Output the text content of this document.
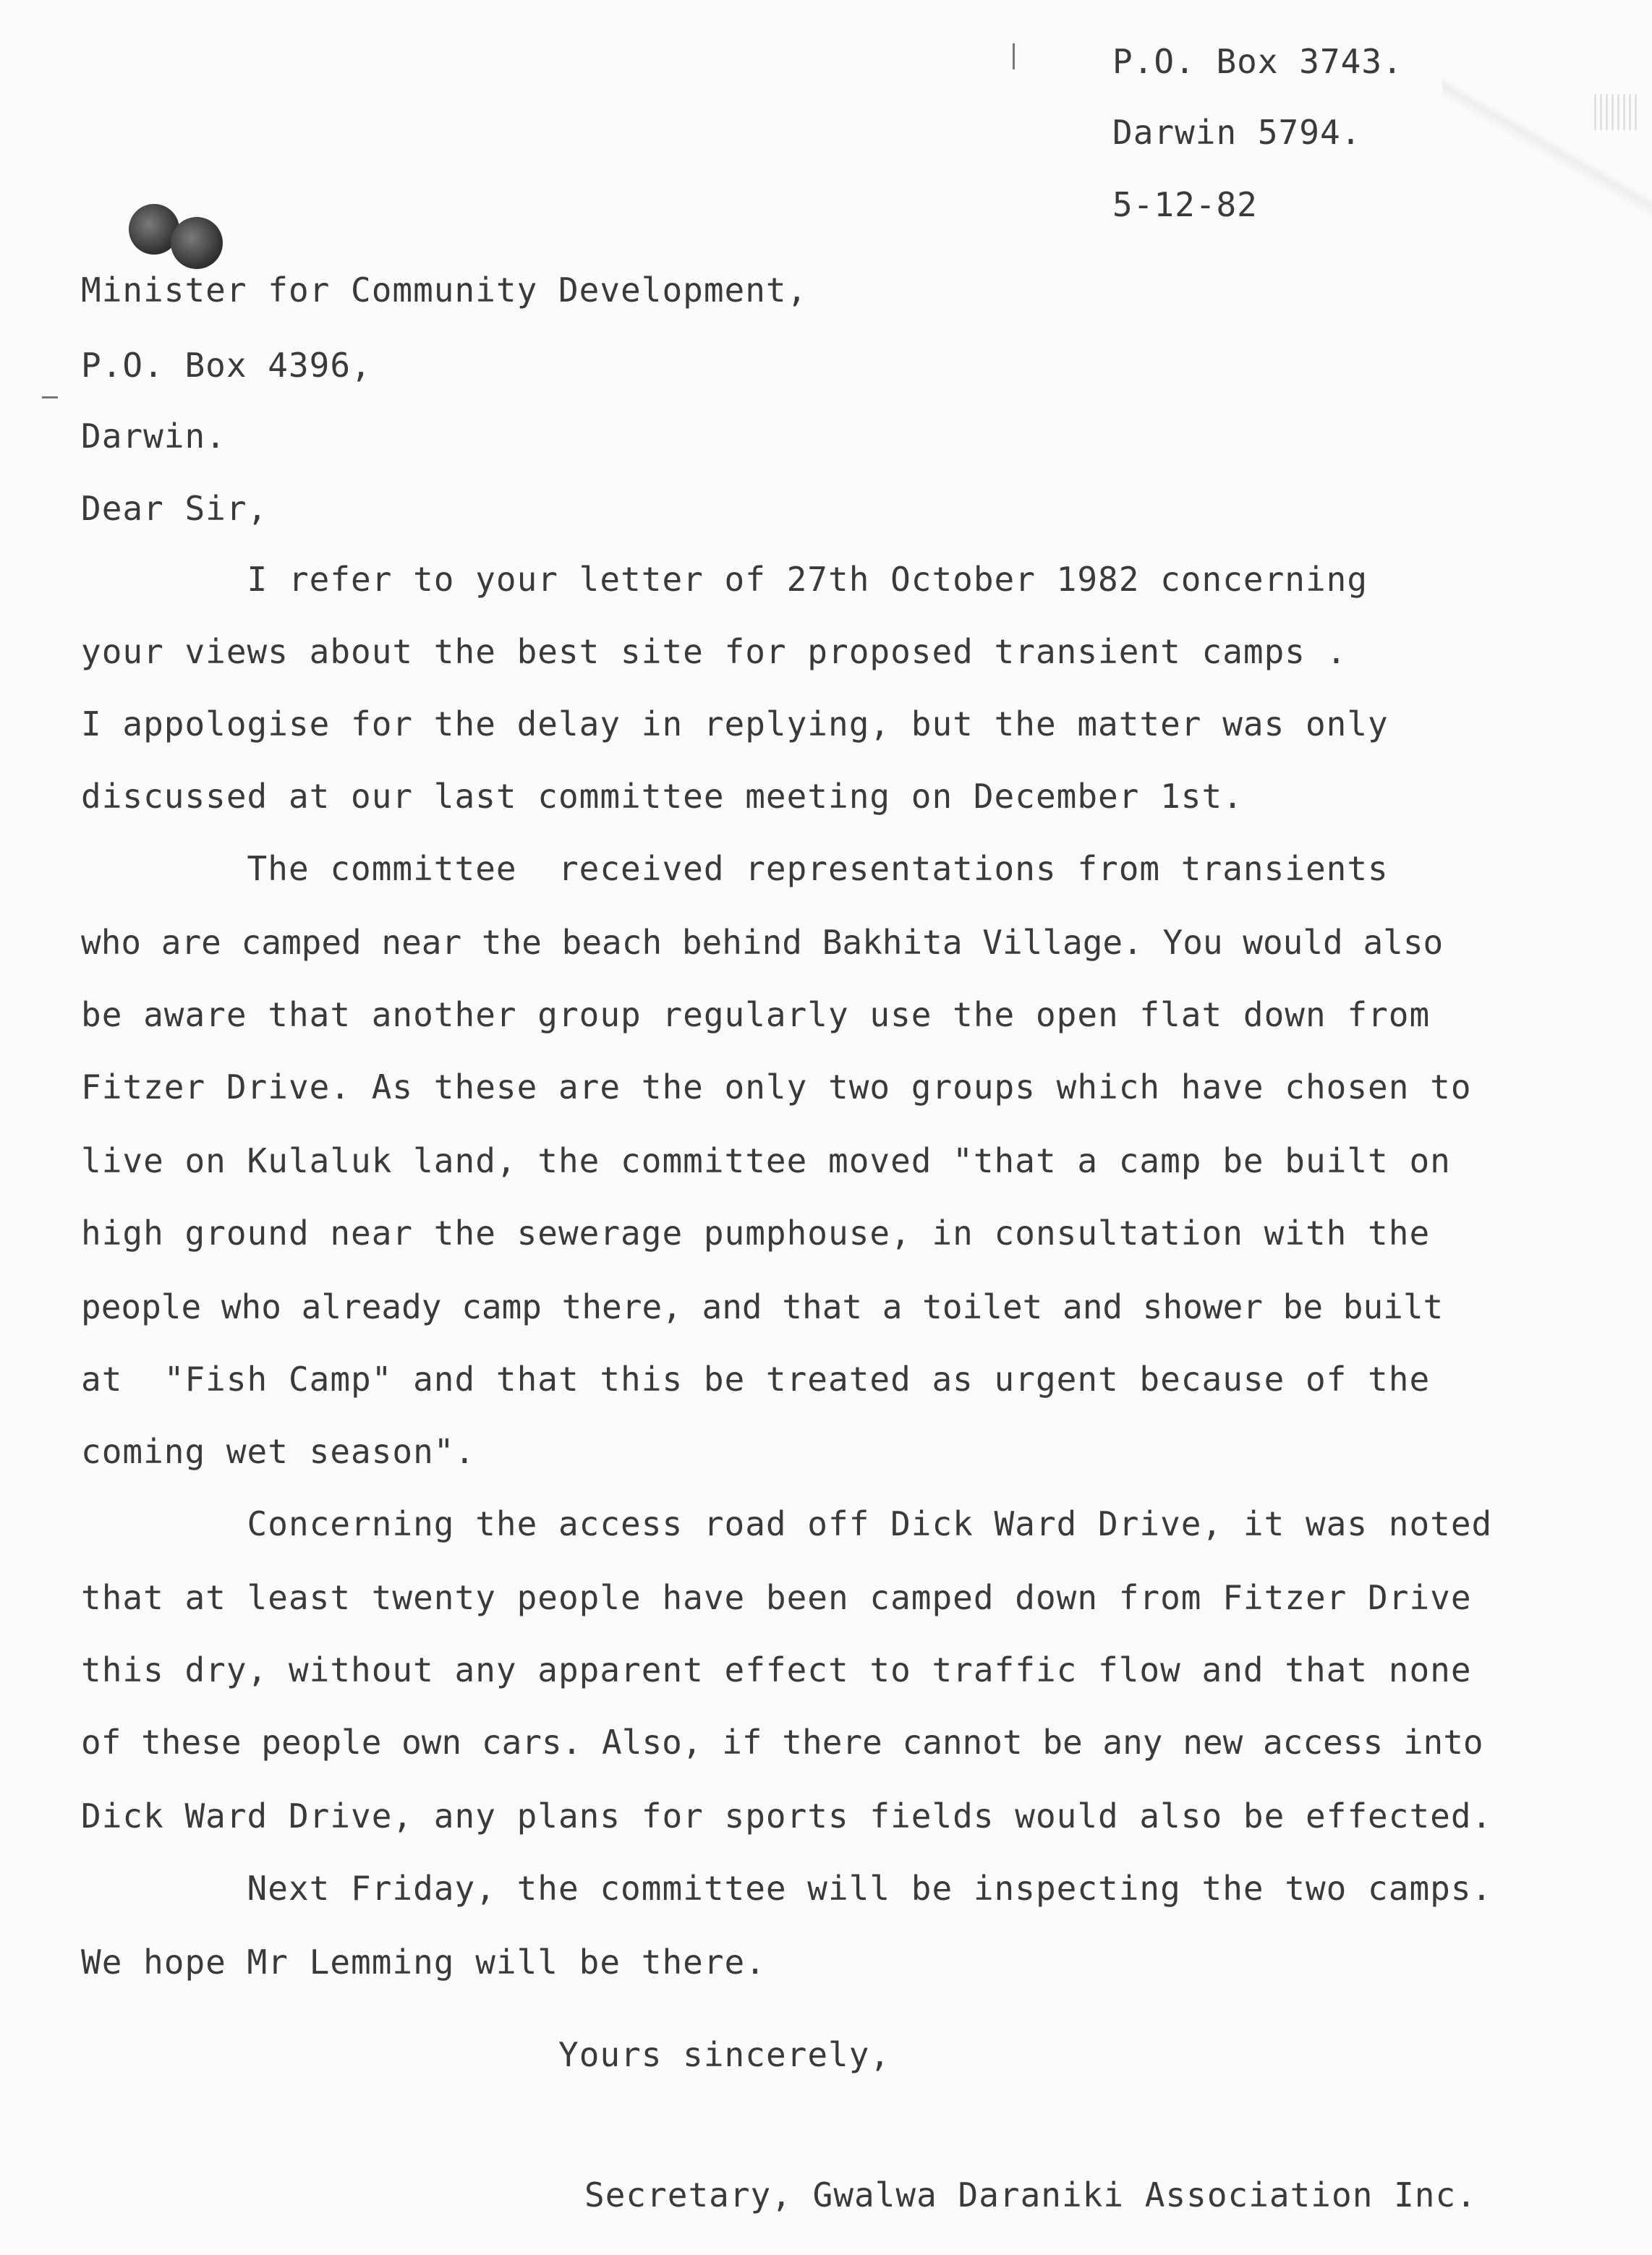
P.O. Box 3743.
Darwin 5794.
5-12-82
Minister for Community Development,
P.O. Box 4396,
Darwin.
Dear Sir,
I refer to your letter of 27th October 1982 concerning
your views about the best site for proposed transient camps .
I appologise for the delay in replying, but the matter was only
discussed at our last committee meeting on December 1st.
The committee  received representations from transients
who are camped near the beach behind Bakhita Village. You would also
be aware that another group regularly use the open flat down from
Fitzer Drive. As these are the only two groups which have chosen to
live on Kulaluk land, the committee moved "that a camp be built on
high ground near the sewerage pumphouse, in consultation with the
people who already camp there, and that a toilet and shower be built
at  "Fish Camp" and that this be treated as urgent because of the
coming wet season".
Concerning the access road off Dick Ward Drive, it was noted
that at least twenty people have been camped down from Fitzer Drive
this dry, without any apparent effect to traffic flow and that none
of these people own cars. Also, if there cannot be any new access into
Dick Ward Drive, any plans for sports fields would also be effected.
Next Friday, the committee will be inspecting the two camps.
We hope Mr Lemming will be there.
Yours sincerely,
Secretary, Gwalwa Daraniki Association Inc.
